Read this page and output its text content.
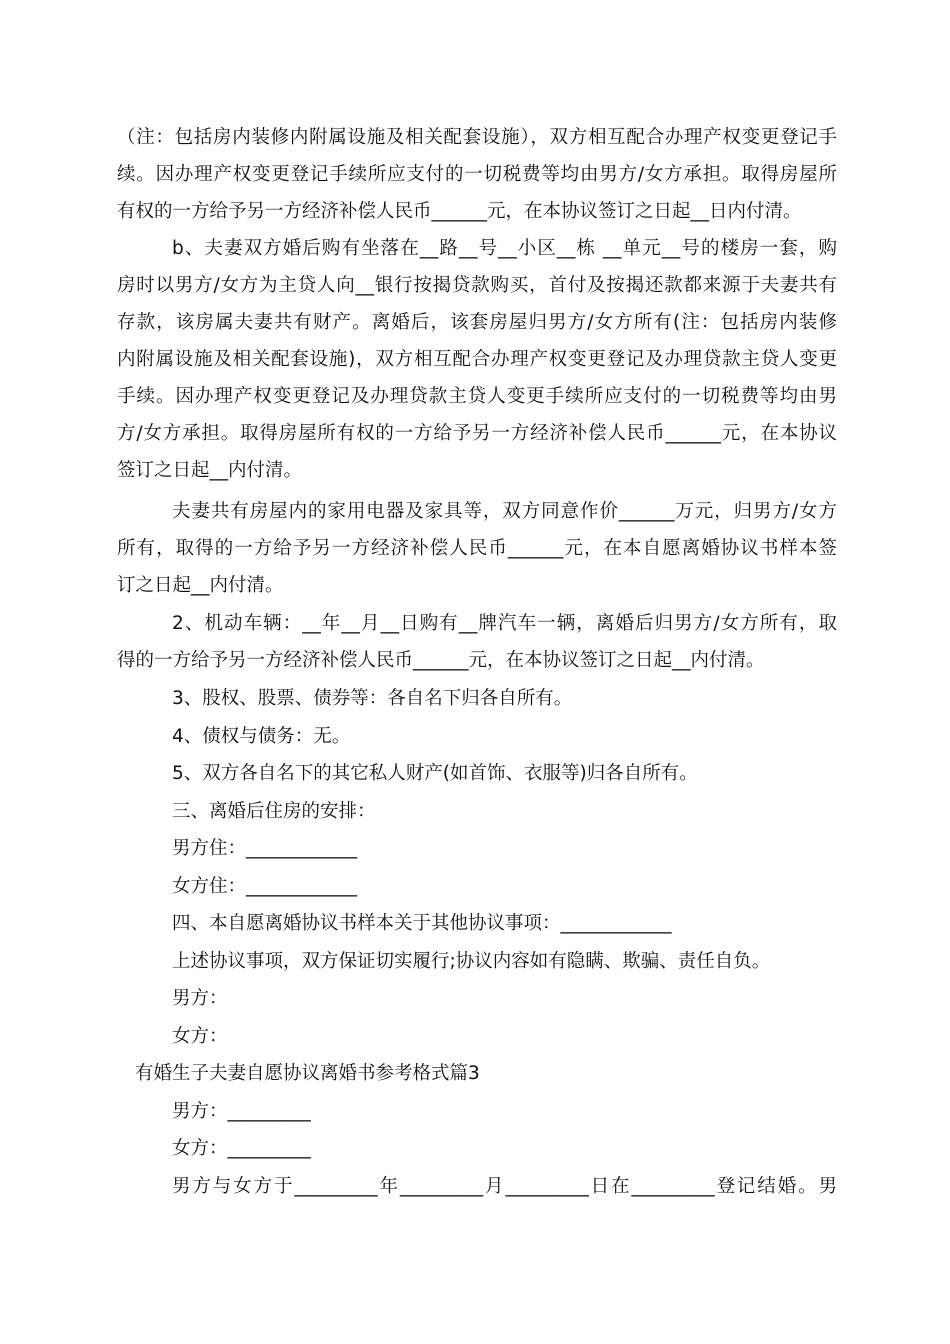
（注：包括房内装修内附属设施及相关配套设施），双方相互配合办理产权变更登记手
续。因办理产权变更登记手续所应支付的一切税费等均由男方/女方承担。取得房屋所
有权的一方给予另一方经济补偿人民币______元，在本协议签订之日起__日内付清。
b、夫妻双方婚后购有坐落在__路__号__小区__栋 __单元__号的楼房一套，购
房时以男方/女方为主贷人向__银行按揭贷款购买，首付及按揭还款都来源于夫妻共有
存款，该房属夫妻共有财产。离婚后，该套房屋归男方/女方所有(注：包括房内装修
内附属设施及相关配套设施)，双方相互配合办理产权变更登记及办理贷款主贷人变更
手续。因办理产权变更登记及办理贷款主贷人变更手续所应支付的一切税费等均由男
方/女方承担。取得房屋所有权的一方给予另一方经济补偿人民币______元，在本协议
签订之日起__内付清。
夫妻共有房屋内的家用电器及家具等，双方同意作价______万元，归男方/女方
所有，取得的一方给予另一方经济补偿人民币______元，在本自愿离婚协议书样本签
订之日起__内付清。
2、机动车辆：__年__月__日购有__牌汽车一辆，离婚后归男方/女方所有，取
得的一方给予另一方经济补偿人民币______元，在本协议签订之日起__内付清。
3、股权、股票、债券等：各自名下归各自所有。
4、债权与债务：无。
5、双方各自名下的其它私人财产(如首饰、衣服等)归各自所有。
三、离婚后住房的安排：
男方住：____________
女方住：____________
四、本自愿离婚协议书样本关于其他协议事项：____________
上述协议事项，双方保证切实履行;协议内容如有隐瞒、欺骗、责任自负。
男方：
女方：
有婚生子夫妻自愿协议离婚书参考格式篇3
男方：_________
女方：_________
男方与女方于_________年_________月_________日在_________登记结婚。男
